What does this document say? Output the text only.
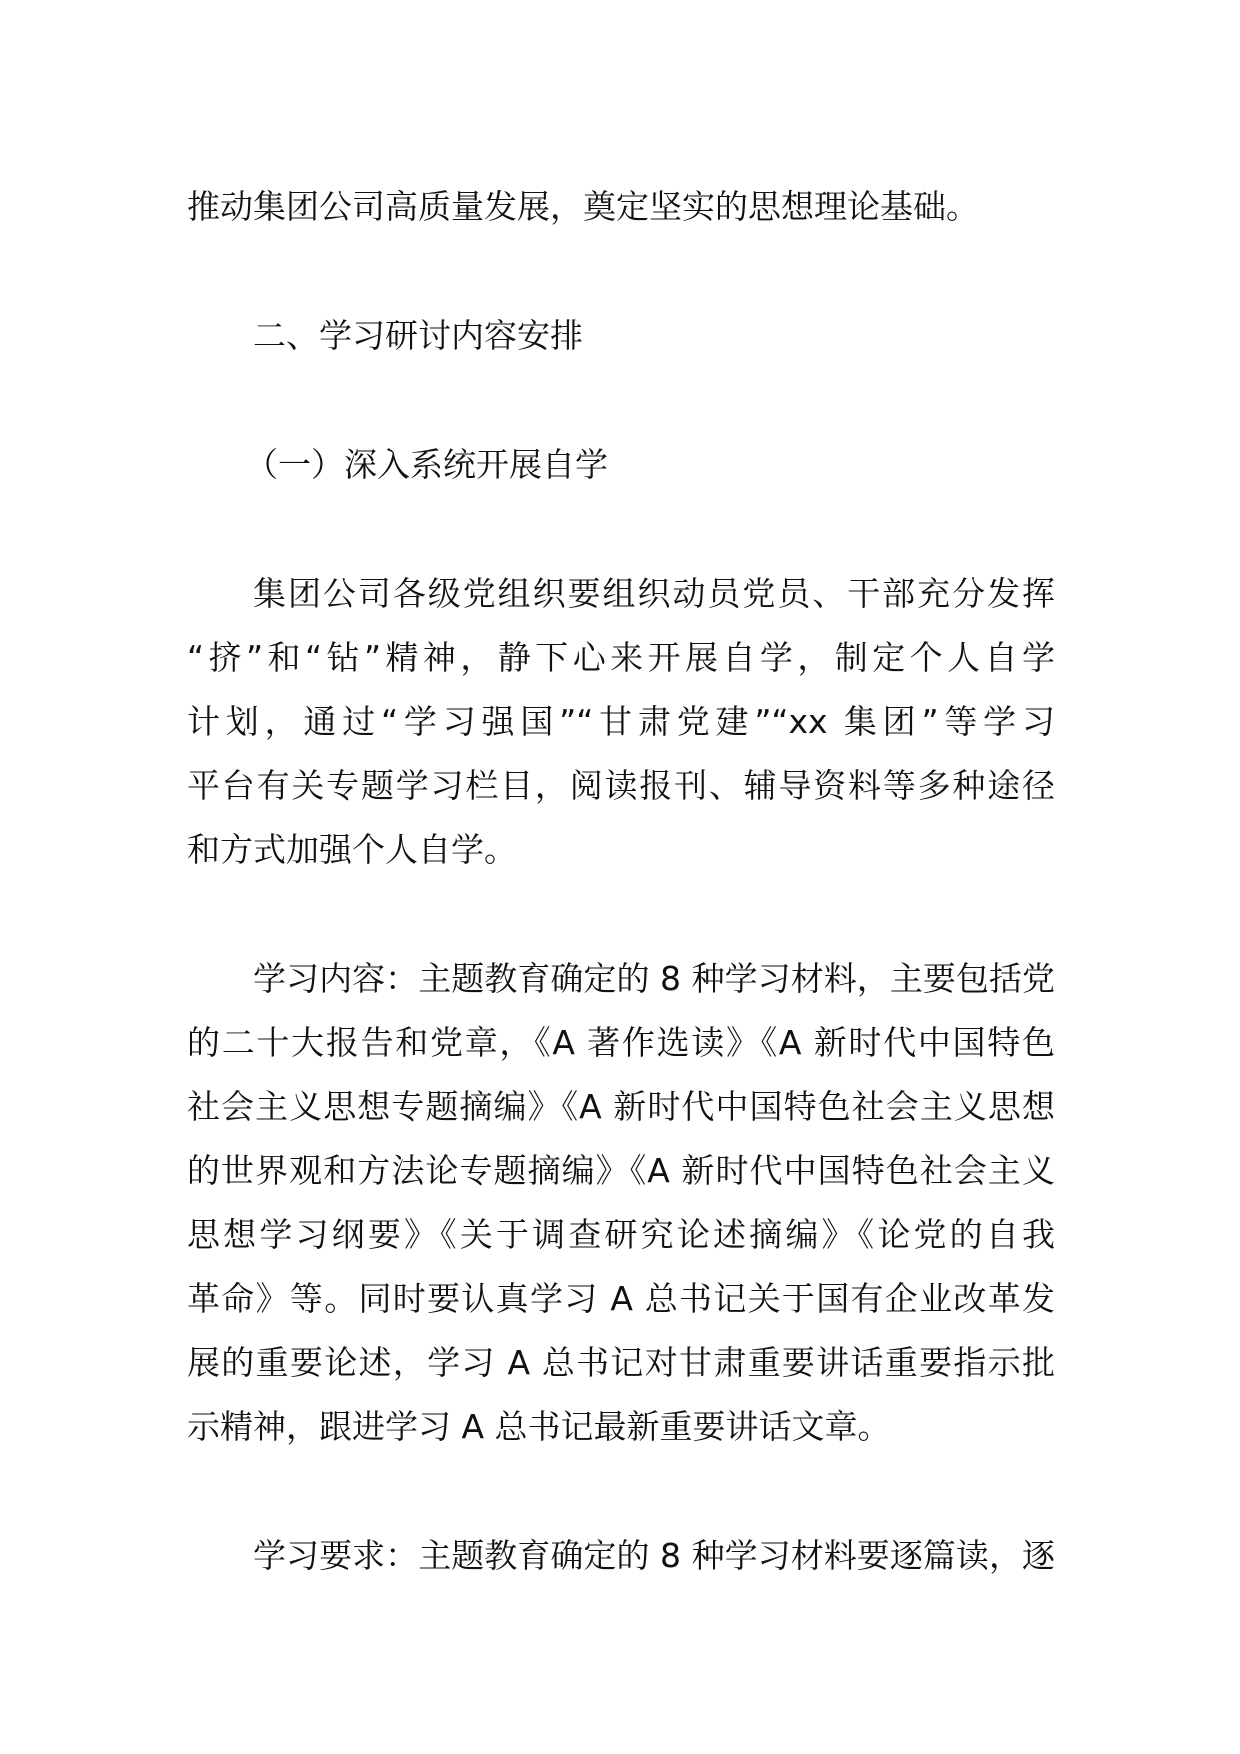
推动集团公司高质量发展，奠定坚实的思想理论基础。
二、学习研讨内容安排
（一）深入系统开展自学
集团公司各级党组织要组织动员党员、干部充分发挥
“挤”和“钻”精神，静下心来开展自学，制定个人自学
计划，通过“学习强国”“甘肃党建”“xx 集团”等学习
平台有关专题学习栏目，阅读报刊、辅导资料等多种途径
和方式加强个人自学。
学习内容：主题教育确定的 8 种学习材料，主要包括党
的二十大报告和党章，《A 著作选读》《A 新时代中国特色
社会主义思想专题摘编》《A 新时代中国特色社会主义思想
的世界观和方法论专题摘编》《A 新时代中国特色社会主义
思想学习纲要》《关于调查研究论述摘编》《论党的自我
革命》等。同时要认真学习 A 总书记关于国有企业改革发
展的重要论述，学习 A 总书记对甘肃重要讲话重要指示批
示精神，跟进学习 A 总书记最新重要讲话文章。
学习要求：主题教育确定的 8 种学习材料要逐篇读，逐
